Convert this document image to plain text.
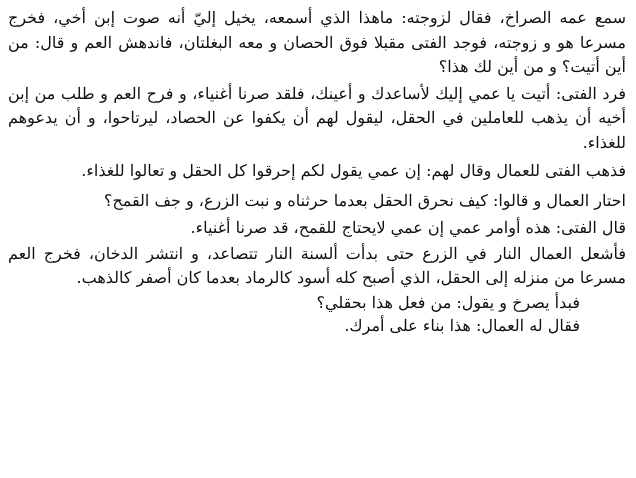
سمع عمه الصراخ، فقال لزوجته: ماهذا الذي أسمعه، يخيل إليّ أنه صوت إبن أخي، فخرج مسرعا هو و زوجته، فوجد الفتى مقبلا فوق الحصان و معه البغلتان، فاندهش العم و قال: من أين أتيت؟ و من أين لك هذا؟

فرد الفتى: أتيت يا عمي إليك لأساعدك و أعينك، فلقد صرنا أغنياء، و فرح العم و طلب من إبن أخيه أن يذهب للعاملين في الحقل، ليقول لهم أن يكفوا عن الحصاد، ليرتاحوا، و أن يدعوهم للغذاء.

فذهب الفتى للعمال وقال لهم: إن عمي يقول لكم إحرقوا كل الحقل و تعالوا للغذاء.

احتار العمال و قالوا: كيف نحرق الحقل بعدما حرثناه و نبت الزرع، و جف القمح؟

قال الفتى: هذه أوامر عمي إن عمي لايحتاج للقمح، قد صرنا أغنياء.

فأشعل العمال النار في الزرع حتى بدأت ألسنة النار تتصاعد، و انتشر الدخان، فخرج العم مسرعا من منزله إلى الحقل، الذي أصبح كله أسود كالرماد بعدما كان أصفر كالذهب.

فبدأ يصرخ و يقول: من فعل هذا بحقلي؟

فقال له العمال: هذا بناء على أمرك.
